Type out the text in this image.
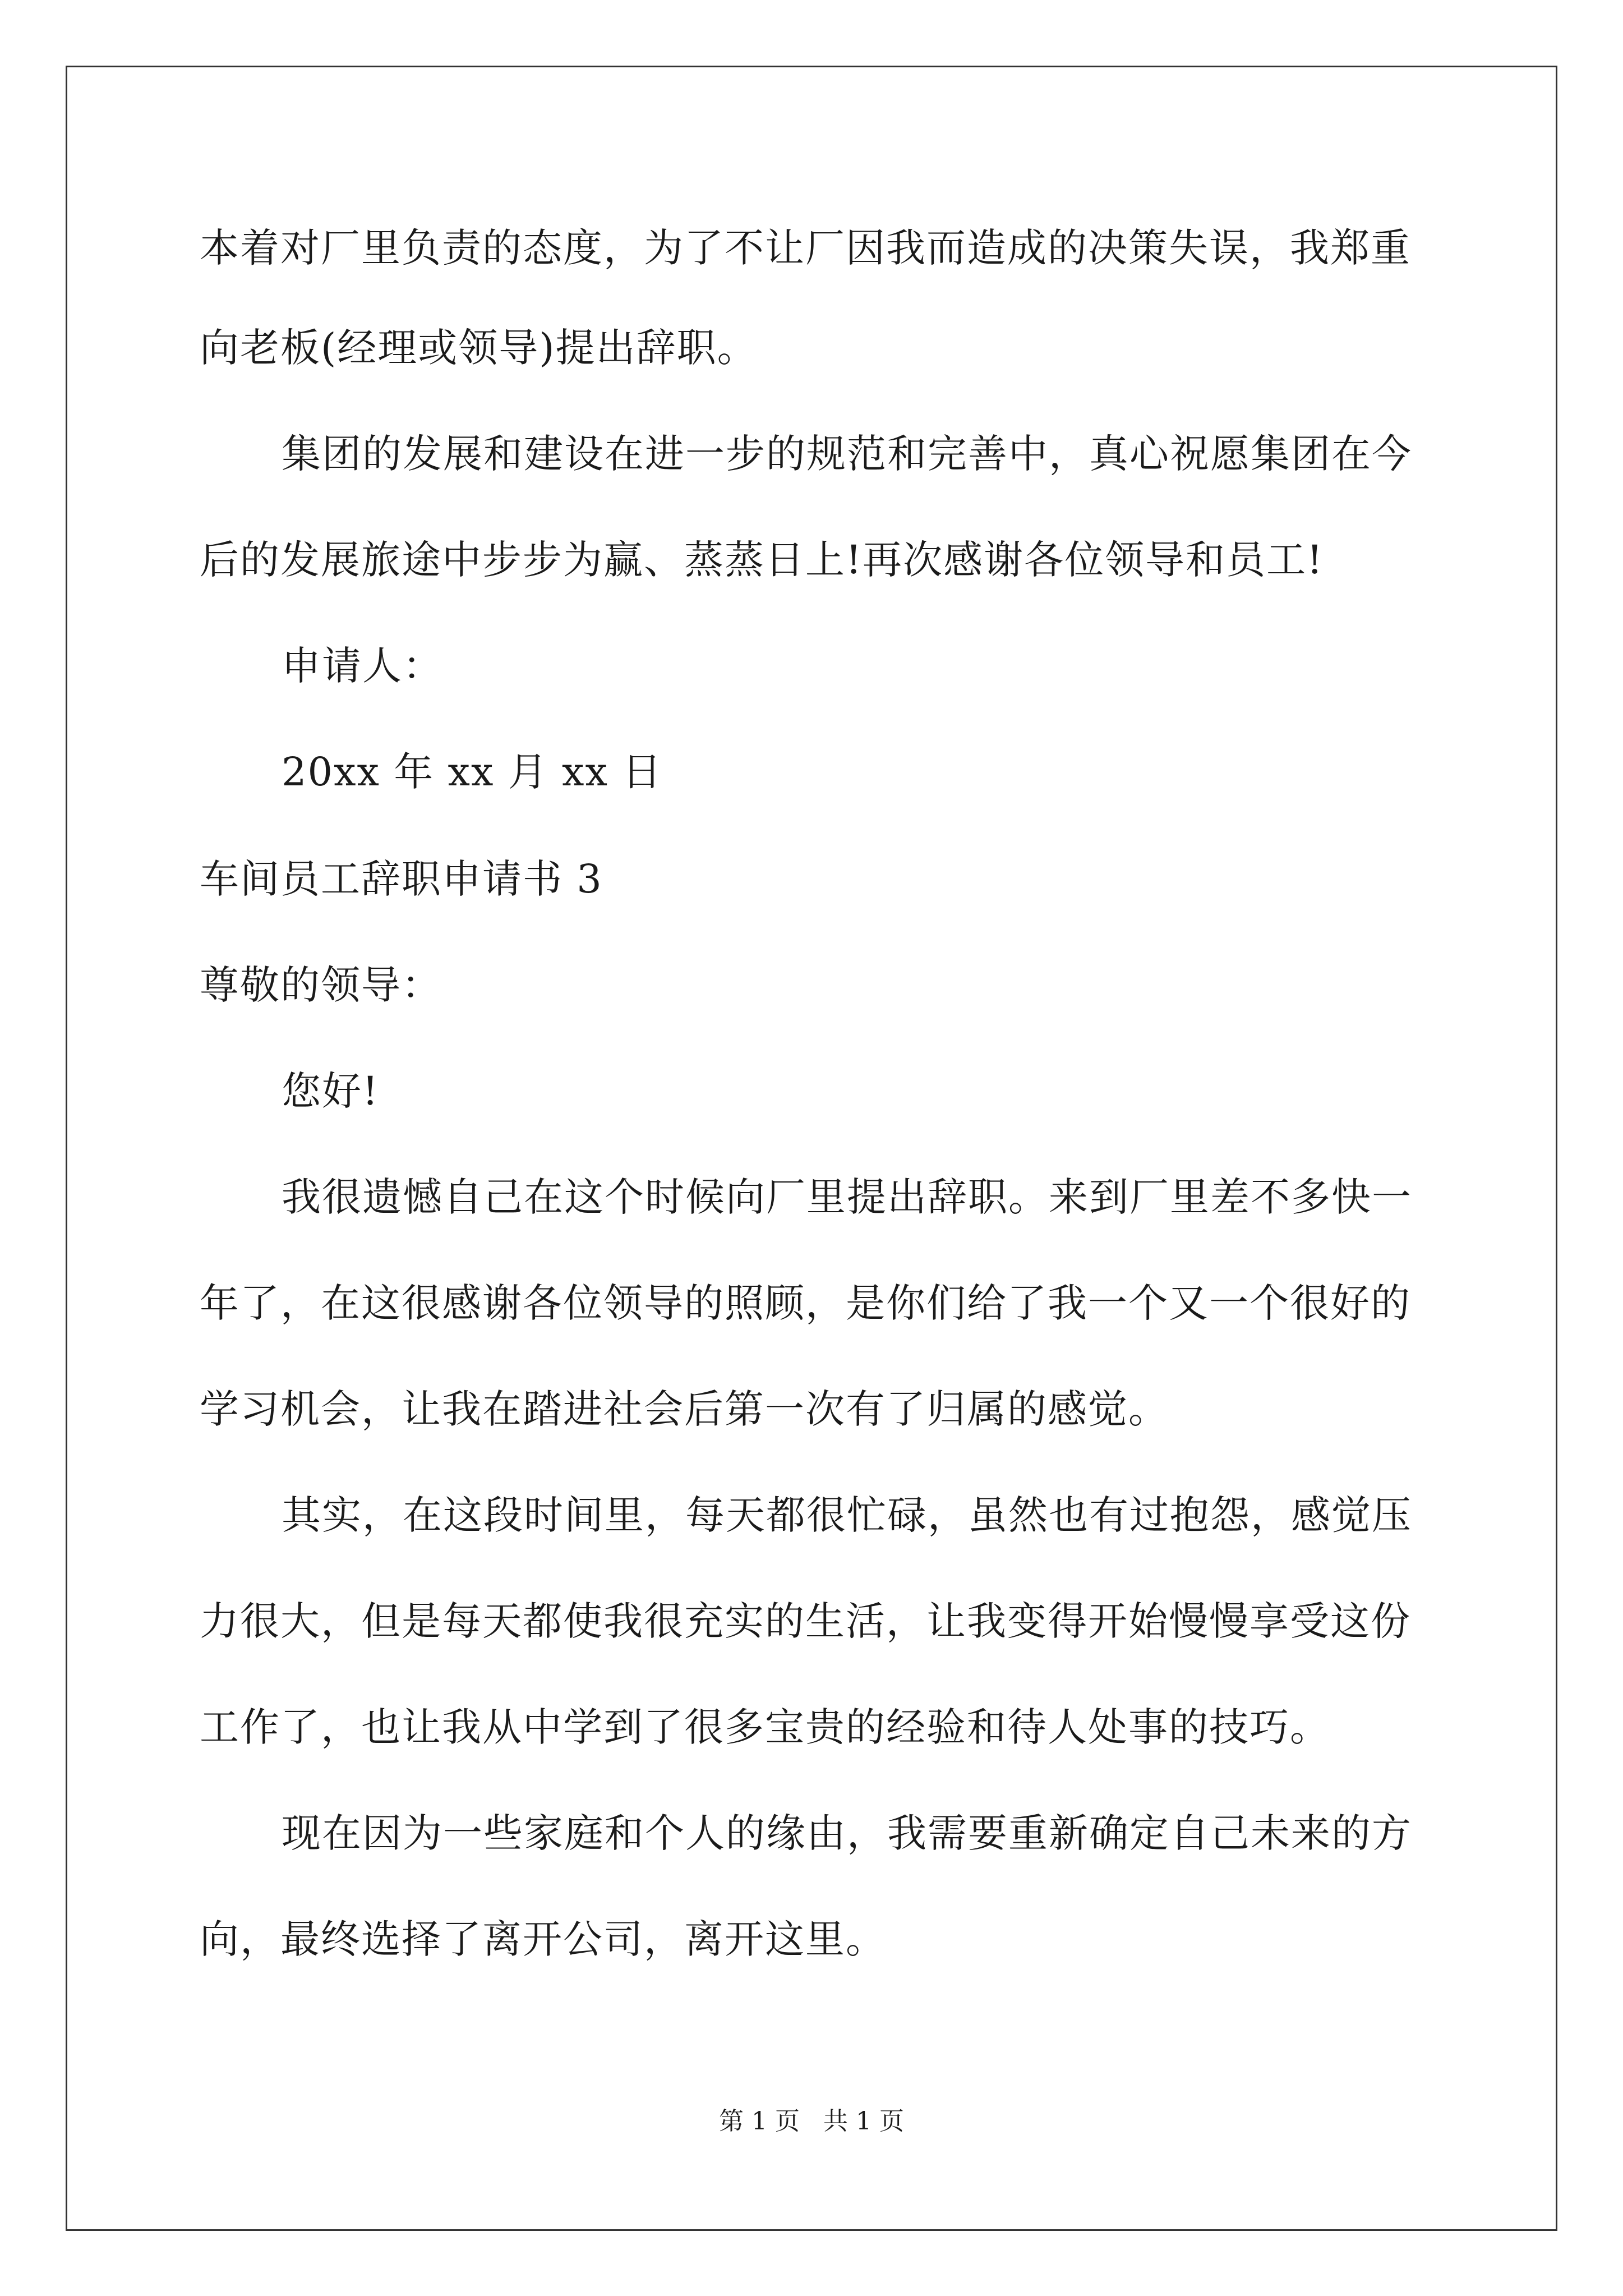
本着对厂里负责的态度，为了不让厂因我而造成的决策失误，我郑重
向老板(经理或领导)提出辞职。
集团的发展和建设在进一步的规范和完善中，真心祝愿集团在今
后的发展旅途中步步为赢、蒸蒸日上!再次感谢各位领导和员工!
申请人：
20xx 年 xx 月 xx 日
车间员工辞职申请书 3
尊敬的领导：
您好!
我很遗憾自己在这个时候向厂里提出辞职。来到厂里差不多快一
年了，在这很感谢各位领导的照顾，是你们给了我一个又一个很好的
学习机会，让我在踏进社会后第一次有了归属的感觉。
其实，在这段时间里，每天都很忙碌，虽然也有过抱怨，感觉压
力很大，但是每天都使我很充实的生活，让我变得开始慢慢享受这份
工作了，也让我从中学到了很多宝贵的经验和待人处事的技巧。
现在因为一些家庭和个人的缘由，我需要重新确定自己未来的方
向，最终选择了离开公司，离开这里。
第 1 页   共 1 页
